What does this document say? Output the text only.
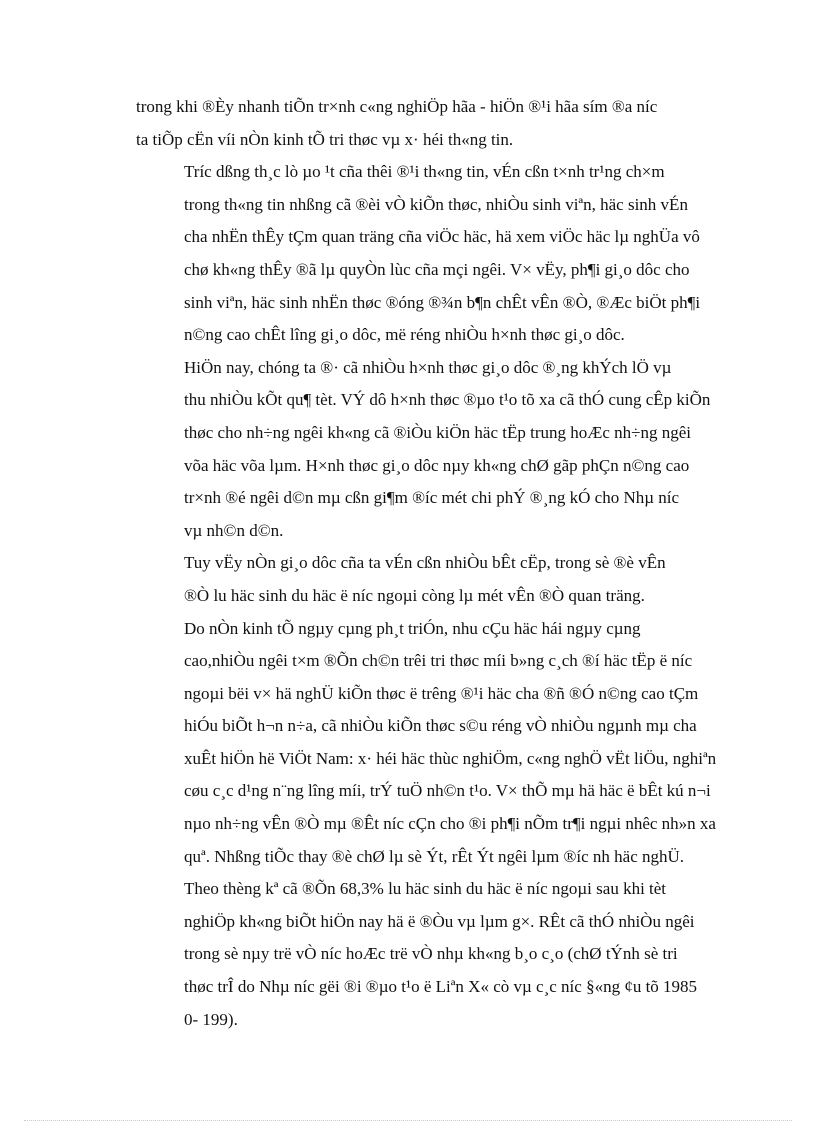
trong khi ®Èy nhanh tiÕn tr×nh c«ng nghiÖp hãa - hiÖn ®¹i hãa sím ®a níc
ta tiÕp cËn víi nÒn kinh tÕ tri thøc vµ x· héi th«ng tin.

Tríc dßng th¸c lò µo ¹t cña thêi ®¹i th«ng tin, vÉn cßn t×nh tr¹ng ch×m
trong th«ng tin nhßng cã ®èi vÒ kiÕn thøc, nhiÒu sinh viªn, häc sinh vÉn
cha nhËn thÊy tÇm quan träng cña viÖc häc, hä xem viÖc häc lµ nghÜa vô
chø kh«ng thÊy ®ã lµ quyÒn lùc cña mçi ngêi. V× vËy, ph¶i gi¸o dôc cho
sinh viªn, häc sinh nhËn thøc ®óng ®¾n b¶n chÊt vÊn ®Ò, ®Æc biÖt ph¶i
n©ng cao chÊt lîng gi¸o dôc, më réng nhiÒu h×nh thøc gi¸o dôc.

HiÖn nay, chóng ta ®· cã nhiÒu h×nh thøc gi¸o dôc ®¸ng khÝch lÖ vµ
thu nhiÒu kÕt qu¶ tèt. VÝ dô h×nh thøc ®µo t¹o tõ xa cã thÓ cung cÊp kiÕn
thøc cho nh÷ng ngêi kh«ng cã ®iÒu kiÖn häc tËp trung hoÆc nh÷ng ngêi
võa häc võa lµm. H×nh thøc gi¸o dôc nµy kh«ng chØ gãp phÇn n©ng cao
tr×nh ®é ngêi d©n mµ cßn gi¶m ®íc mét chi phÝ ®¸ng kÓ cho Nhµ níc
vµ nh©n d©n.

Tuy vËy nÒn gi¸o dôc cña ta vÉn cßn nhiÒu bÊt cËp, trong sè ®è vÊn
®Ò lu häc sinh du häc ë níc ngoµi còng lµ mét vÊn ®Ò quan träng.

Do nÒn kinh tÕ ngµy cµng ph¸t triÓn, nhu cÇu häc hái ngµy cµng
cao,nhiÒu ngêi t×m ®Õn ch©n trêi tri thøc míi b»ng c¸ch ®í häc tËp ë níc
ngoµi bëi v× hä nghÜ kiÕn thøc ë trêng ®¹i häc cha ®ñ ®Ó n©ng cao tÇm
hiÓu biÕt h¬n n÷a, cã nhiÒu kiÕn thøc s©u réng vÒ nhiÒu ngµnh mµ cha
xuÊt hiÖn hë ViÖt Nam: x· héi häc thùc nghiÖm, c«ng nghÖ vËt liÖu, nghiªn
cøu c¸c d¹ng n¨ng lîng míi, trÝ tuÖ nh©n t¹o. V× thÕ mµ hä häc ë bÊt kú n¬i
nµo nh÷ng vÊn ®Ò mµ ®Êt níc cÇn cho ®i ph¶i nÕm tr¶i ngµi nhêc nh»n xa
quª. Nhßng tiÕc thay ®è chØ lµ sè Ýt, rÊt Ýt ngêi lµm ®íc nh häc nghÜ.
Theo thèng kª cã ®Õn 68,3% lu häc sinh du häc ë níc ngoµi sau khi tèt
nghiÖp kh«ng biÕt hiÖn nay hä ë ®Òu vµ lµm g×. RÊt cã thÓ nhiÒu ngêi
trong sè nµy trë vÒ níc hoÆc trë vÒ nhµ kh«ng b¸o c¸o (chØ tÝnh sè tri
thøc trÎ do Nhµ níc gëi ®i ®µo t¹o ë Liªn X« cò vµ c¸c níc §«ng ¢u tõ 1985
0- 199).
